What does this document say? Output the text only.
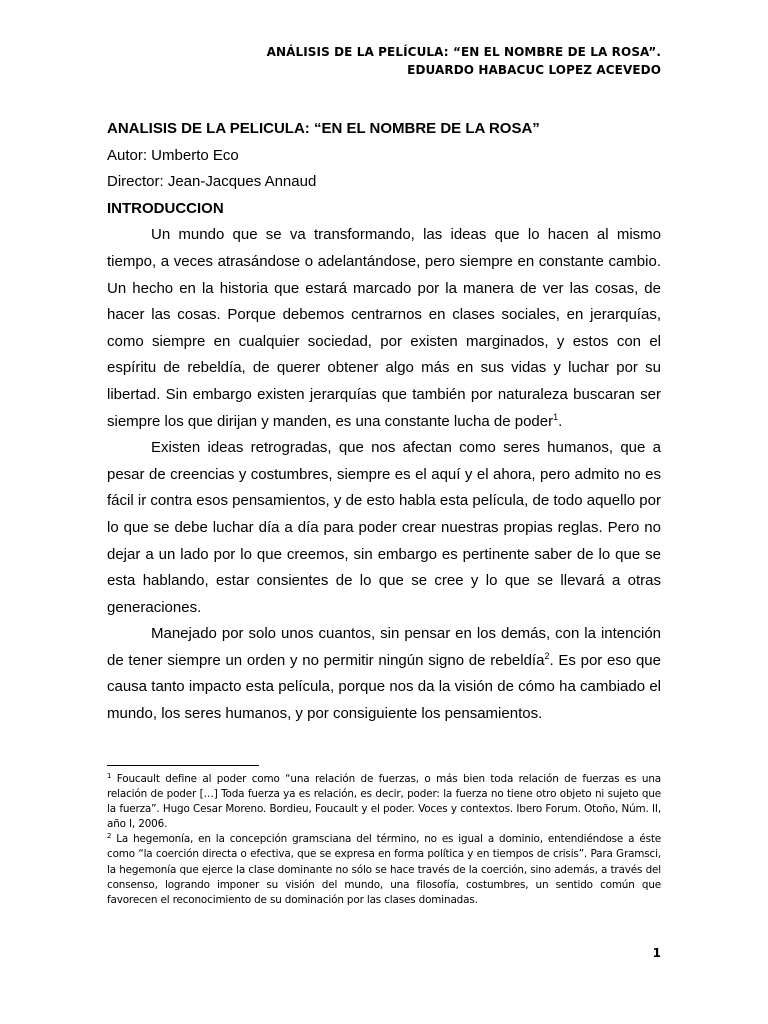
ANÁLISIS DE LA PELÍCULA: “EN EL NOMBRE DE LA ROSA”.
EDUARDO HABACUC LOPEZ ACEVEDO

ANALISIS DE LA PELICULA: “EN EL NOMBRE DE LA ROSA”

Autor: Umberto Eco

Director: Jean-Jacques Annaud

INTRODUCCION

Un mundo que se va transformando, las ideas que lo hacen al mismo tiempo, a veces atrasándose o adelantándose, pero siempre en constante cambio. Un hecho en la historia que estará marcado por la manera de ver las cosas, de hacer las cosas. Porque debemos centrarnos en clases sociales, en jerarquías, como siempre en cualquier sociedad, por existen marginados, y estos con el espíritu de rebeldía, de querer obtener algo más en sus vidas y luchar por su libertad. Sin embargo existen jerarquías que también por naturaleza buscaran ser siempre los que dirijan y manden, es una constante lucha de poder$^1$.

Existen ideas retrogradas, que nos afectan como seres humanos, que a pesar de creencias y costumbres, siempre es el aquí y el ahora, pero admito no es fácil ir contra esos pensamientos, y de esto habla esta película, de todo aquello por lo que se debe luchar día a día para poder crear nuestras propias reglas. Pero no dejar a un lado por lo que creemos, sin embargo es pertinente saber de lo que se esta hablando, estar consientes de lo que se cree y lo que se llevará a otras generaciones.

Manejado por solo unos cuantos, sin pensar en los demás, con la intención de tener siempre un orden y no permitir ningún signo de rebeldía$^2$. Es por eso que causa tanto impacto esta película, porque nos da la visión de cómo ha cambiado el mundo, los seres humanos, y por consiguiente los pensamientos.

$^1$ Foucault define al poder como “una relación de fuerzas, o más bien toda relación de fuerzas es una relación de poder […] Toda fuerza ya es relación, es decir, poder: la fuerza no tiene otro objeto ni sujeto que la fuerza”. Hugo Cesar Moreno. Bordieu, Foucault y el poder. Voces y contextos. Ibero Forum. Otoño, Núm. II, año I, 2006.

$^2$ La hegemonía, en la concepción gramsciana del término, no es igual a dominio, entendiéndose a éste como “la coerción directa o efectiva, que se expresa en forma política y en tiempos de crisis”. Para Gramsci, la hegemonía que ejerce la clase dominante no sólo se hace través de la coerción, sino además, a través del consenso, logrando imponer su visión del mundo, una filosofía, costumbres, un sentido común que favorecen el reconocimiento de su dominación por las clases dominadas.

1
